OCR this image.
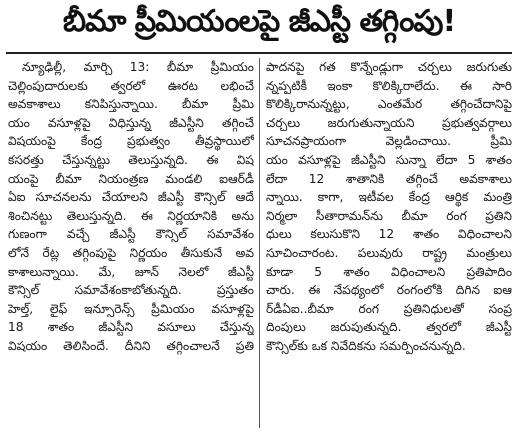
బీమా ప్రీమియంలపై జీఎస్టీ తగ్గింపు!
న్యూఢిల్లీ, మార్చి 13: బీమా ప్రీమియం
చెల్లింపుదారులకు త్వరలో ఊరట లభించే
అవకాశాలు కనిపిస్తున్నాయి. బీమా ప్రీమి
యం వసూళ్లపై విధిస్తున్న జీఎస్టీని తగ్గించే
విషయంపై కేంద్ర ప్రభుత్వం తీవ్రస్థాయిలో
కసరత్తు చేస్తున్నట్టు తెలుస్తున్నది. ఈ విష
యంపై బీమా నియంత్రణ మండలి ఐఆర్‌డీ
ఏఐ సూచనలను చేయాలని జీఎస్టీ కౌన్సిల్ ఆదే
శించినట్టు తెలుస్తున్నది. ఈ నిర్ణయానికి అను
గుణంగా వచ్చే జీఎస్టీ కౌన్సిల్ సమావేశం
లోనే రేట్ల తగ్గింపుపై నిర్ణయం తీసుకునే అవ
కాశాలున్నాయి. మే, జూన్ నెలలో జీఎస్టీ
కౌన్సిల్ సమావేశంకాబోతున్నది. ప్రస్తుతం
హెల్త్, లైఫ్ ఇన్సూరెన్స్ ప్రీమియం వసూళ్లపై
18 శాతం జీఎస్టీని వసూలు చేస్తున్న
విషయం తెలిసిందే. దీనిని తగ్గించాలనే ప్రతి
పాదనపై గత కొన్నేండ్లుగా చర్చలు జరుగుతు
న్నప్పటికీ ఇంకా కొలిక్కిరాలేదు. ఈ సారి
కొలిక్కిరానున్నట్టు, ఎంతమేర తగ్గించేదానిపై
చర్చలు జరుగుతున్నాయని ప్రభుత్వవర్గాలు
సూచనప్రాయంగా వెల్లడించాయి. ప్రీమి
యం వసూళ్లపై జీఎస్టీని సున్నా లేదా 5 శాతం
లేదా 12 శాతానికి తగ్గించే అవకాశాలు
న్నాయి. కాగా, ఇటీవల కేంద్ర ఆర్థిక మంత్రి
నిర్మలా సీతారామన్‌ను బీమా రంగ ప్రతిని
ధులు కలుసుకొని 12 శాతం విధించాలని
సూచించారంట. పలువురు రాష్ట్ర మంత్రులు
కూడా 5 శాతం విధించాలని ప్రతిపాదిం
చారు. ఈ నేపథ్యంలో రంగంలోకి దిగిన ఐఆ
ర్‌డీఏఐ..బీమా రంగ ప్రతినిధులతో సంప్ర
దింపులు జరుపుతున్నది. త్వరలో జీఎస్టీ
కౌన్సిల్‌కు ఒక నివేదికను సమర్పించనున్నది.
